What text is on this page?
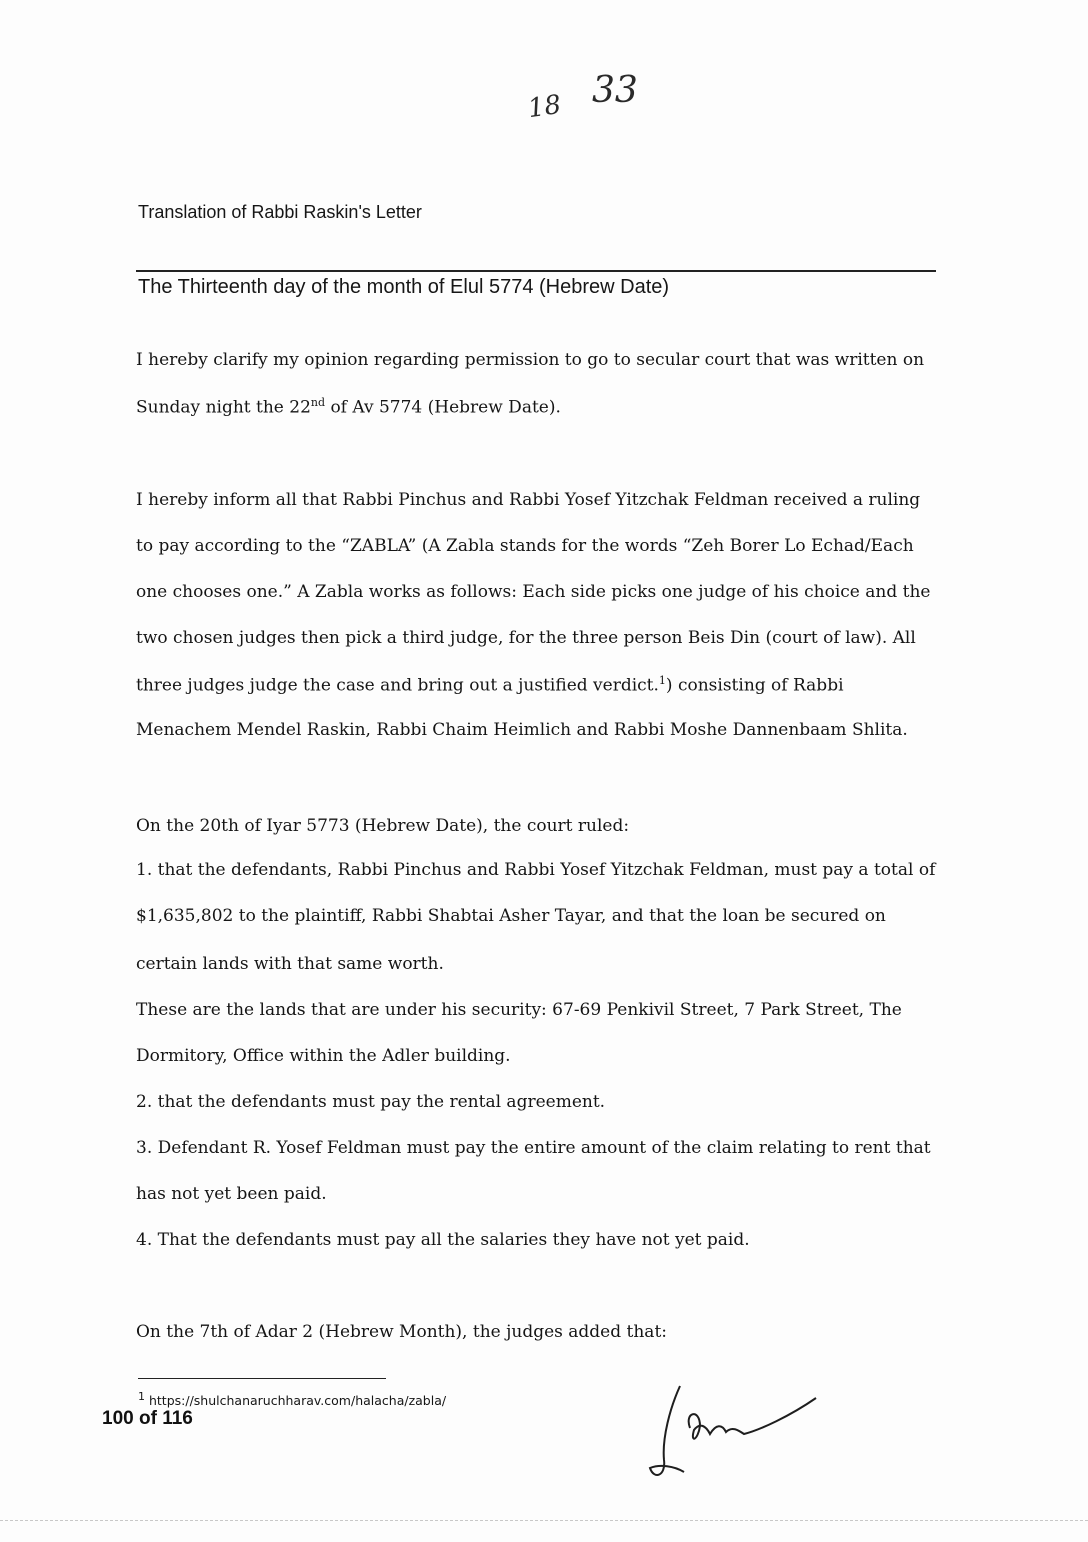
18 33
Translation of Rabbi Raskin's Letter
The Thirteenth day of the month of Elul 5774 (Hebrew Date)
I hereby clarify my opinion regarding permission to go to secular court that was written on
Sunday night the 22nd of Av 5774 (Hebrew Date).
I hereby inform all that Rabbi Pinchus and Rabbi Yosef Yitzchak Feldman received a ruling
to pay according to the “ZABLA” (A Zabla stands for the words “Zeh Borer Lo Echad/Each
one chooses one.” A Zabla works as follows: Each side picks one judge of his choice and the
two chosen judges then pick a third judge, for the three person Beis Din (court of law). All
three judges judge the case and bring out a justified verdict.$^1$) consisting of Rabbi
Menachem Mendel Raskin, Rabbi Chaim Heimlich and Rabbi Moshe Dannenbaam Shlita.
On the 20th of Iyar 5773 (Hebrew Date), the court ruled:
1. that the defendants, Rabbi Pinchus and Rabbi Yosef Yitzchak Feldman, must pay a total of
$1,635,802 to the plaintiff, Rabbi Shabtai Asher Tayar, and that the loan be secured on
certain lands with that same worth.
These are the lands that are under his security: 67-69 Penkivil Street, 7 Park Street, The
Dormitory, Office within the Adler building.
2. that the defendants must pay the rental agreement.
3. Defendant R. Yosef Feldman must pay the entire amount of the claim relating to rent that
has not yet been paid.
4. That the defendants must pay all the salaries they have not yet paid.
On the 7th of Adar 2 (Hebrew Month), the judges added that:
$^1$ https://shulchanaruchharav.com/halacha/zabla/
100 of 116
